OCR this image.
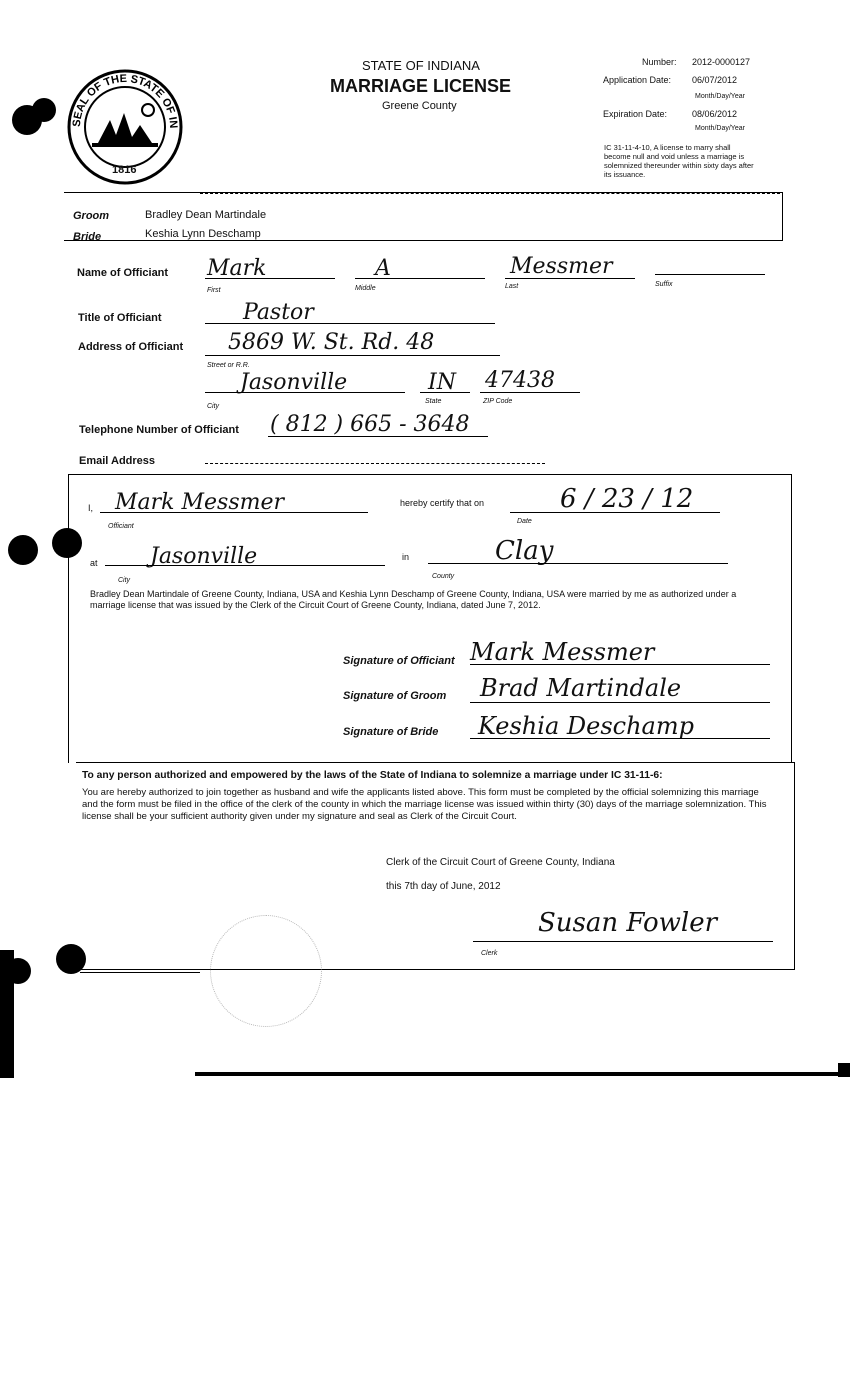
SEAL OF THE STATE OF IN
1816
STATE OF INDIANA
MARRIAGE LICENSE
Greene County
Number: 2012-0000127
Application Date: 06/07/2012
Month/Day/Year
Expiration Date:	08/06/2012
Month/Day/Year
IC 31-11-4-10, A license to marry shall become null and void unless a marriage is solemnized thereunder within sixty days after its issuance.
Groom	Bradley Dean Martindale
Bride	Keshia Lynn Deschamp
Name of Officiant Mark	A	Messmer
First	Middle	Last	Suffix
Title of Officiant	Pastor
Address of Officiant 5869 W. St. Rd. 48
Street or R.R.
Jasonville	IN 47438
City
State	ZIP Code
Telephone Number of Officiant ( 812 ) 665 - 3648
Email Address
I, Mark Messmer
Officiant
hereby certify that on	6 / 23 / 12
Date
at Jasonville
City
in	Clay
County
Bradley Dean Martindale of Greene County, Indiana, USA and Keshia Lynn Deschamp of Greene County, Indiana, USA were married by me as authorized under a marriage license that was issued by the Clerk of the Circuit Court of Greene County, Indiana, dated June 7, 2012.
Signature of Officiant Mark Messmer
Signature of Groom Brad Martindale
Signature of Bride Keshia Deschamp
To any person authorized and empowered by the laws of the State of Indiana to solemnize a marriage under IC 31-11-6:
You are hereby authorized to join together as husband and wife the applicants listed above. This form must be completed by the official solemnizing this marriage and the form must be filed in the office of the clerk of the county in which the marriage license was issued within thirty (30) days of the marriage solemnization. This license shall be your sufficient authority given under my signature and seal as Clerk of the Circuit Court.
Clerk of the Circuit Court of Greene County, Indiana
this 7th day of June, 2012
Susan Fowler
Clerk
